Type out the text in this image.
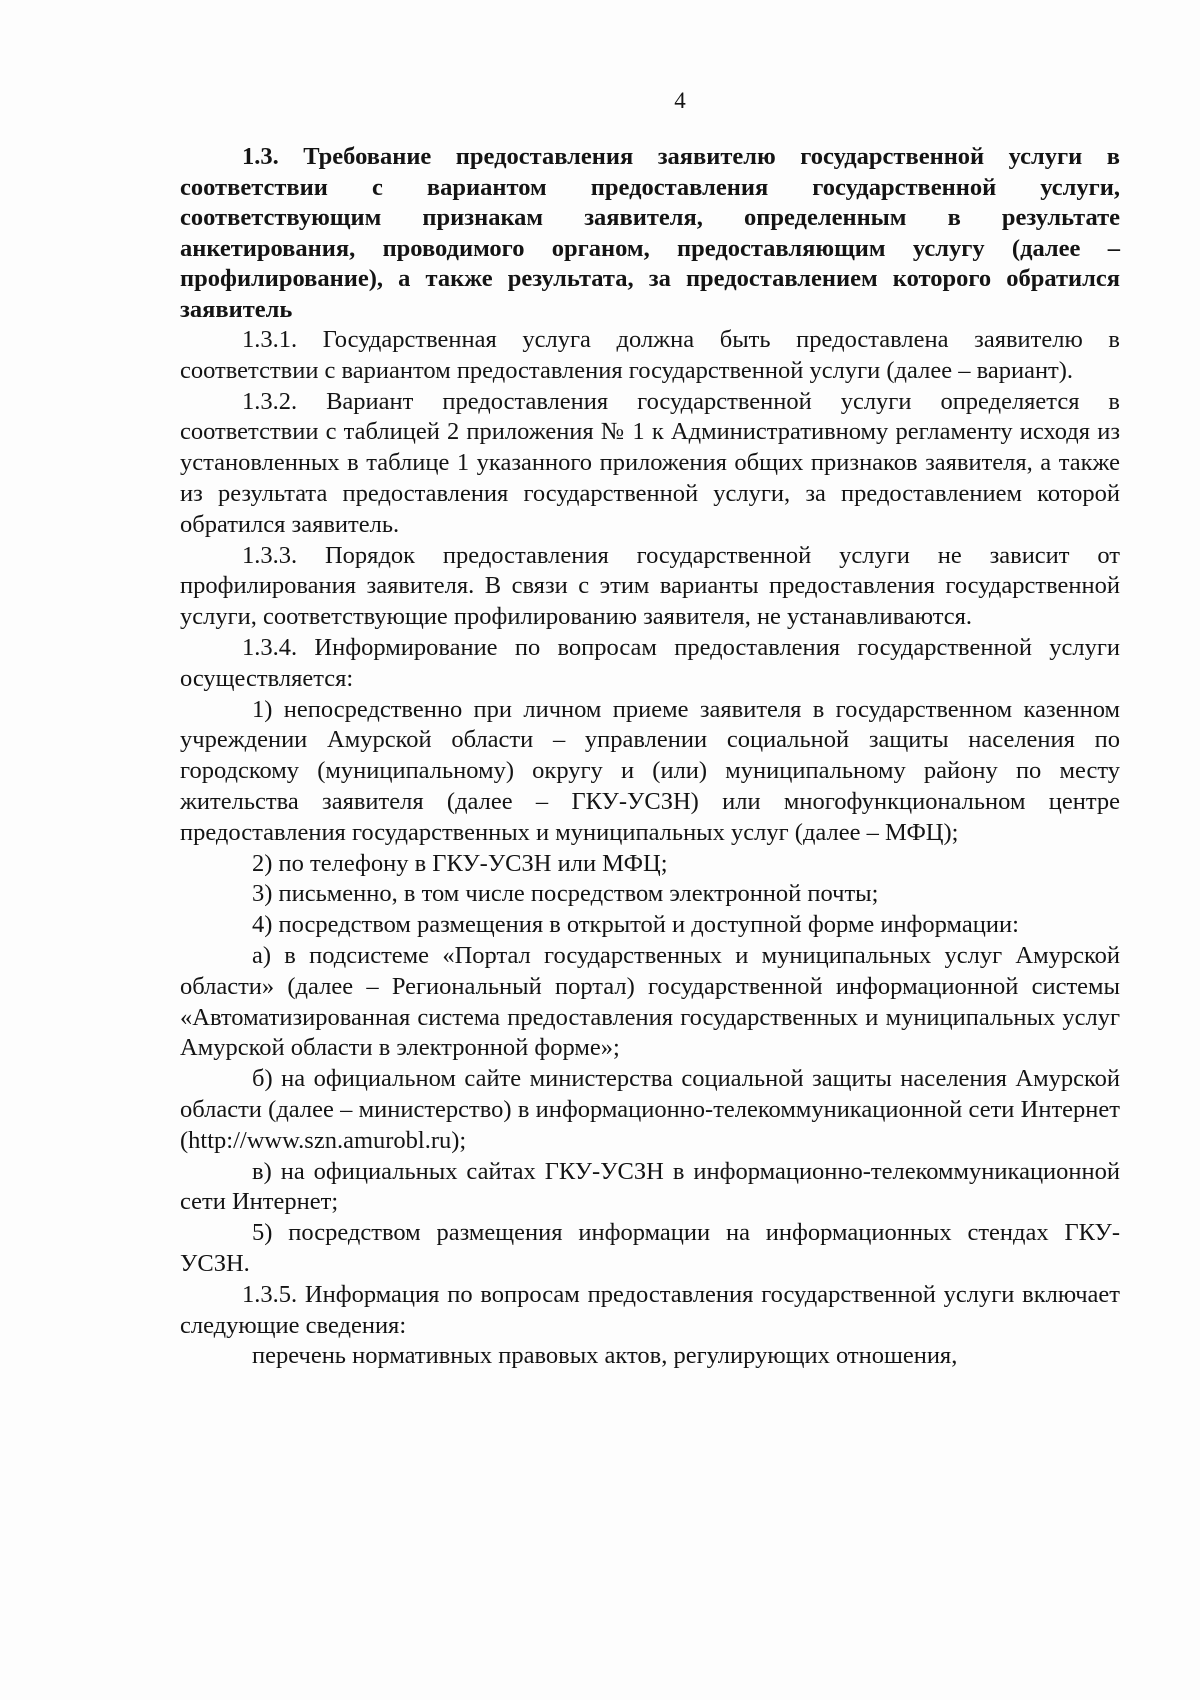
4

1.3. Требование предоставления заявителю государственной услуги в соответствии с вариантом предоставления государственной услуги, соответствующим признакам заявителя, определенным в результате анкетирования, проводимого органом, предоставляющим услугу (далее – профилирование), а также результата, за предоставлением которого обратился заявитель

1.3.1. Государственная услуга должна быть предоставлена заявителю в соответствии с вариантом предоставления государственной услуги (далее – вариант).

1.3.2. Вариант предоставления государственной услуги определяется в соответствии с таблицей 2 приложения № 1 к Административному регламенту исходя из установленных в таблице 1 указанного приложения общих признаков заявителя, а также из результата предоставления государственной услуги, за предоставлением которой обратился заявитель.

1.3.3. Порядок предоставления государственной услуги не зависит от профилирования заявителя. В связи с этим варианты предоставления государственной услуги, соответствующие профилированию заявителя, не устанавливаются.

1.3.4. Информирование по вопросам предоставления государственной услуги осуществляется:

1) непосредственно при личном приеме заявителя в государственном казенном учреждении Амурской области – управлении социальной защиты населения по городскому (муниципальному) округу и (или) муниципальному району по месту жительства заявителя (далее – ГКУ-УСЗН) или многофункциональном центре предоставления государственных и муниципальных услуг (далее – МФЦ);

2) по телефону в ГКУ-УСЗН или МФЦ;

3) письменно, в том числе посредством электронной почты;

4) посредством размещения в открытой и доступной форме информации:

а) в подсистеме «Портал государственных и муниципальных услуг Амурской области» (далее – Региональный портал) государственной информационной системы «Автоматизированная система предоставления государственных и муниципальных услуг Амурской области в электронной форме»;

б) на официальном сайте министерства социальной защиты населения Амурской области (далее – министерство) в информационно-телекоммуникационной сети Интернет (http://www.szn.amurobl.ru);

в) на официальных сайтах ГКУ-УСЗН в информационно-телекоммуникационной сети Интернет;

5) посредством размещения информации на информационных стендах ГКУ-УСЗН.

1.3.5. Информация по вопросам предоставления государственной услуги включает следующие сведения:

перечень нормативных правовых актов, регулирующих отношения,
